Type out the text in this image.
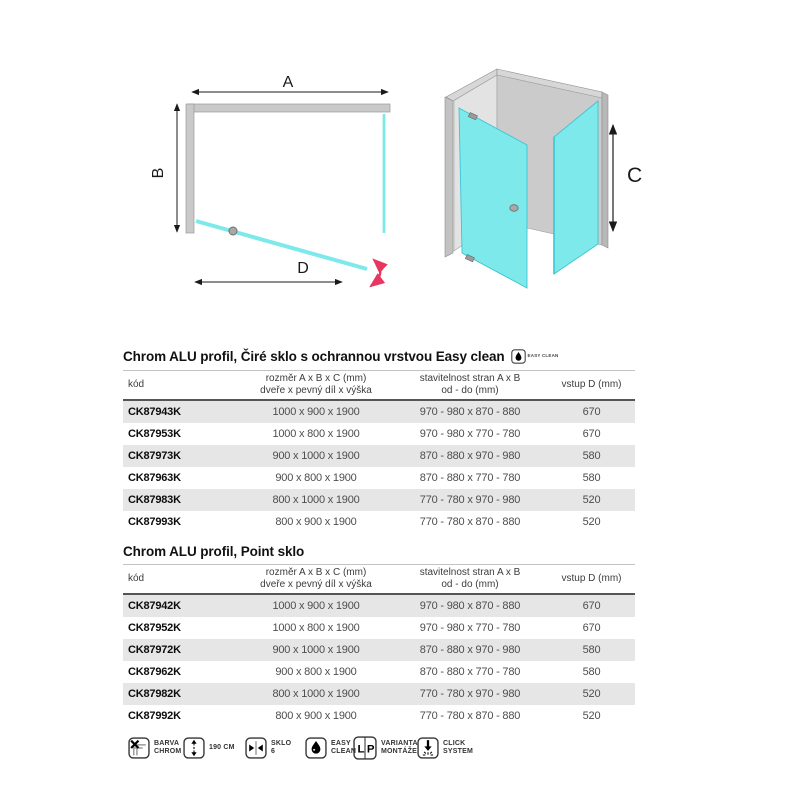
A
B
D
C
Chrom ALU profil, Čiré sklo s ochrannou vrstvou Easy clean	EASY CLEAN
kód
rozměr A x B x C (mm)
dveře x pevný díl x výška
stavitelnost stran A x B
od - do (mm)
vstup D (mm)
CK87943K	1000 x 900 x 1900	970 - 980 x 870 - 880	670
CK87953K	1000 x 800 x 1900	970 - 980 x 770 - 780	670
CK87973K	900 x 1000 x 1900	870 - 880 x 970 - 980	580
CK87963K	900 x 800 x 1900	870 - 880 x 770 - 780	580
CK87983K	800 x 1000 x 1900	770 - 780 x 970 - 980	520
CK87993K	800 x 900 x 1900	770 - 780 x 870 - 880	520
Chrom ALU profil, Point sklo
kód
rozměr A x B x C (mm)
dveře x pevný díl x výška
stavitelnost stran A x B
od - do (mm)
vstup D (mm)
CK87942K	1000 x 900 x 1900	970 - 980 x 870 - 880	670
CK87952K	1000 x 800 x 1900	970 - 980 x 770 - 780	670
CK87972K	900 x 1000 x 1900	870 - 880 x 970 - 980	580
CK87962K	900 x 800 x 1900	870 - 880 x 770 - 780	580
CK87982K	800 x 1000 x 1900	770 - 780 x 970 - 980	520
CK87992K	800 x 900 x 1900	770 - 780 x 870 - 880	520
BARVA
CHROM
190 CM
SKLO
6
EASY
CLEAN L P
VARIANTA
MONTÁŽE
CLICK
SYSTEM
